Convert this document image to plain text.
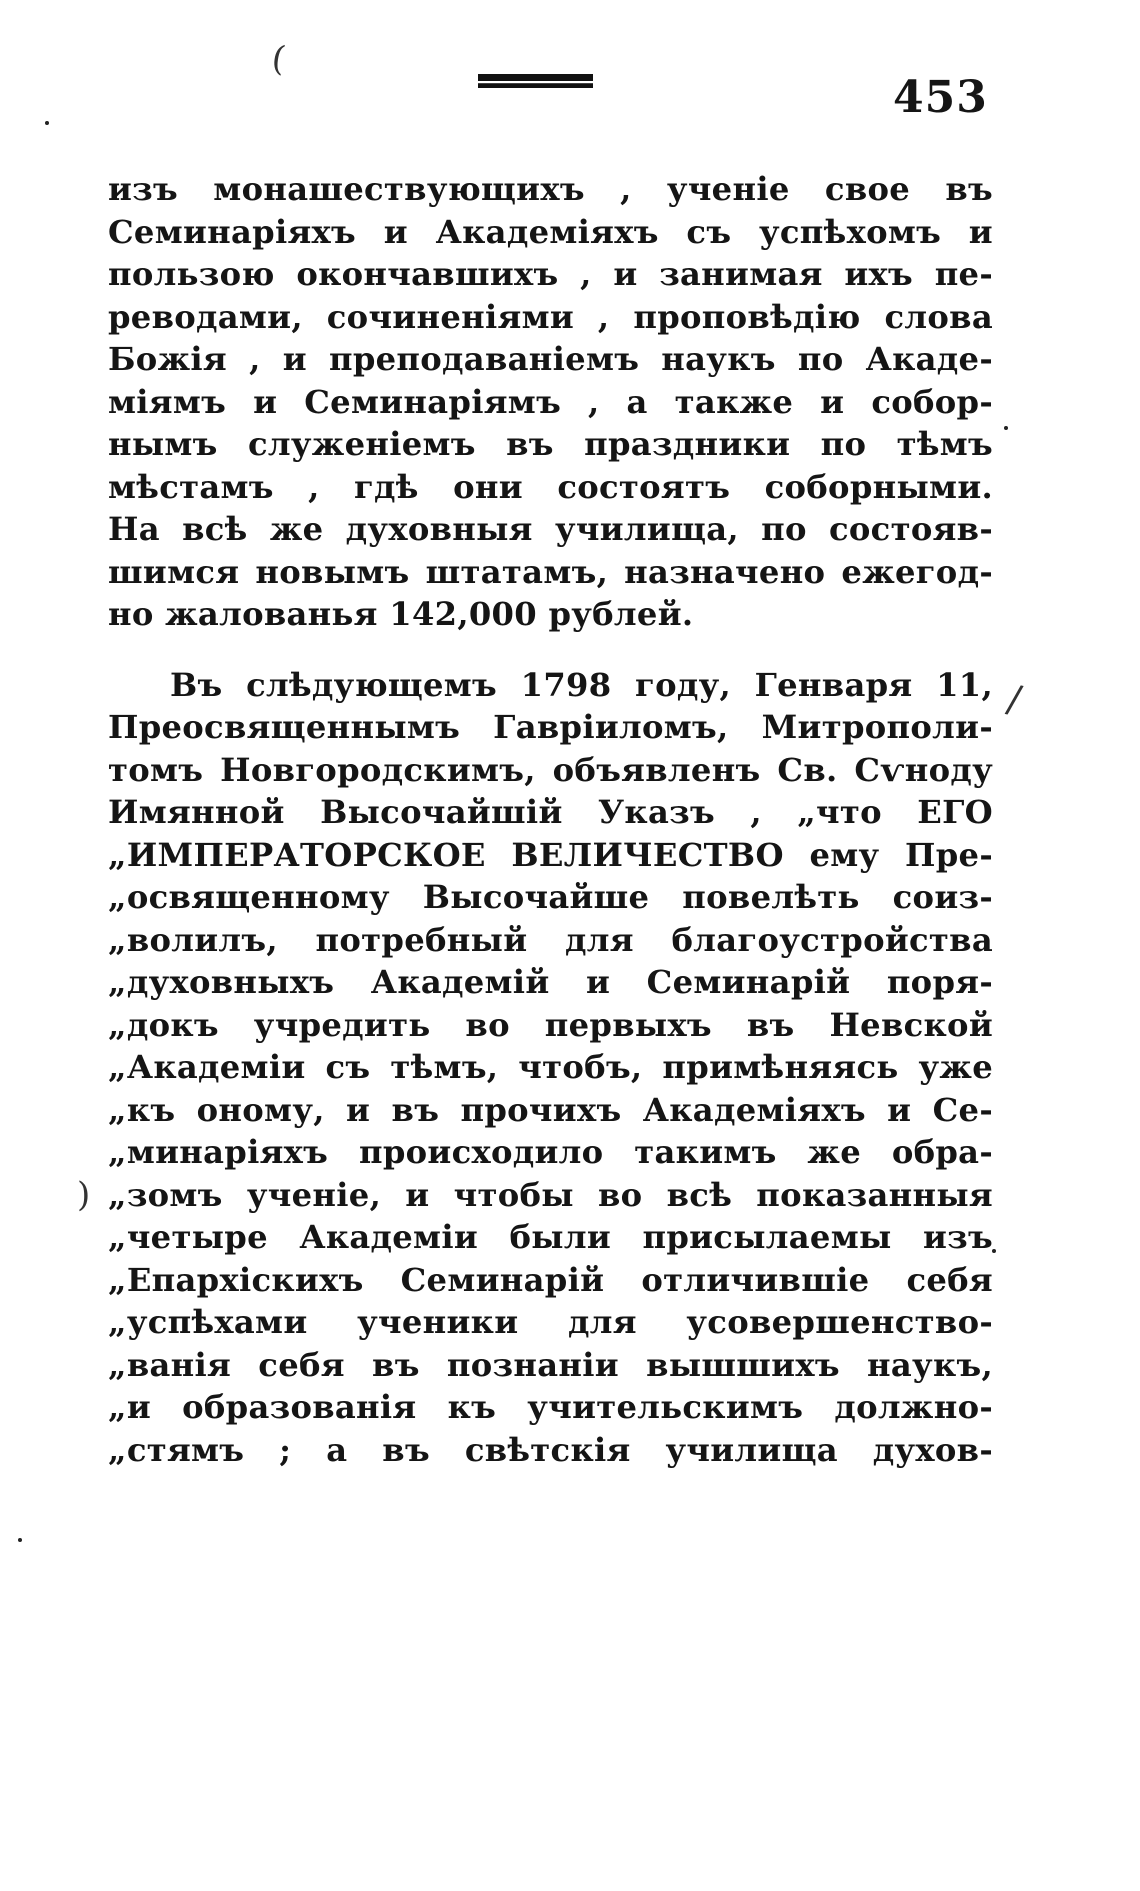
453
(
/
)
изъ монашествующихъ , ученіе свое въ
Семинаріяхъ и Академіяхъ съ успѣхомъ и
пользою окончавшихъ , и занимая ихъ пе-
реводами, сочиненіями , проповѣдію слова
Божія , и преподаваніемъ наукъ по Акаде-
міямъ и Семинаріямъ , а также и собор-
нымъ служеніемъ въ праздники по тѣмъ
мѣстамъ , гдѣ они состоятъ соборными.
На всѣ же духовныя училища, по состояв-
шимся новымъ штатамъ, назначено ежегод-
но жалованья 142,000 рублей.
Въ слѣдующемъ 1798 году, Генваря 11,
Преосвященнымъ Гавріиломъ, Митрополи-
томъ Новгородскимъ, объявленъ Св. Сѵноду
Имянной Высочайшій Указъ , „что ЕГО
„ИМПЕРАТОРСКОЕ ВЕЛИЧЕСТВО ему Пре-
„освященному Высочайше повелѣть соиз-
„волилъ, потребный для благоустройства
„духовныхъ Академій и Семинарій поря-
„докъ учредить во первыхъ въ Невской
„Академіи съ тѣмъ, чтобъ, примѣняясь уже
„къ оному, и въ прочихъ Академіяхъ и Се-
„минаріяхъ происходило такимъ же обра-
„зомъ ученіе, и чтобы во всѣ показанныя
„четыре Академіи были присылаемы изъ
„Епархіскихъ Семинарій отличившіе себя
„успѣхами ученики для усовершенство-
„ванія себя въ познаніи вышшихъ наукъ,
„и образованія къ учительскимъ должно-
„стямъ ; а въ свѣтскія училища духов-
